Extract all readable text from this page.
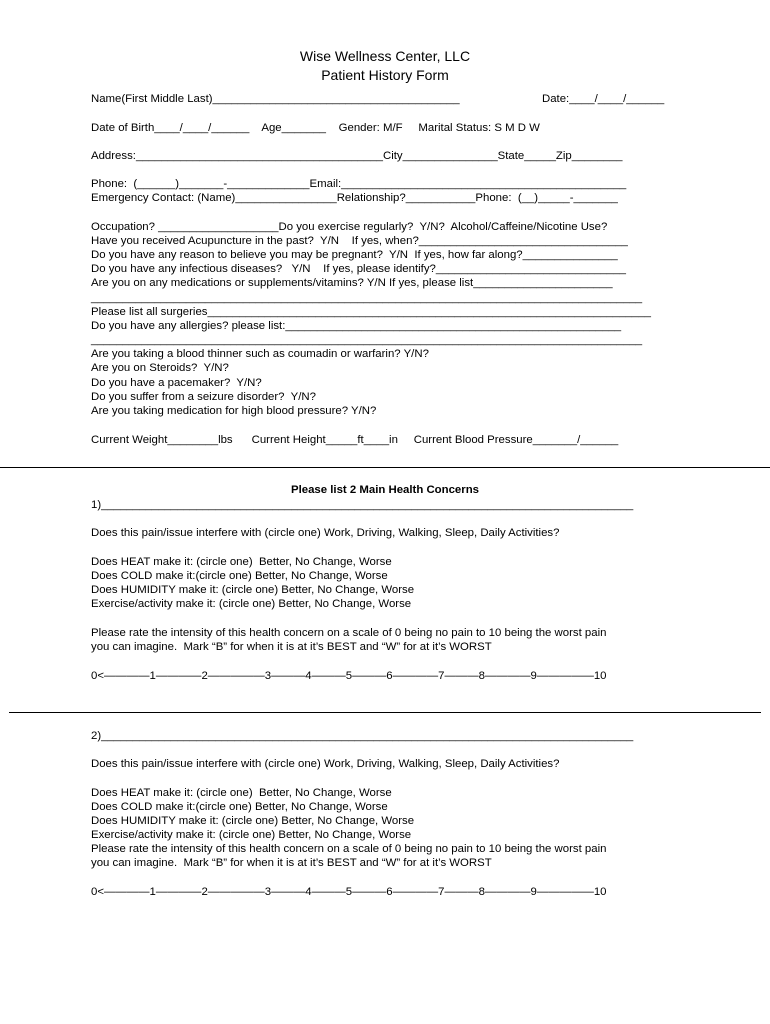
Wise Wellness Center, LLC
Patient History Form
Name(First Middle Last)_______________________________________	Date:____/____/______
Date of Birth____/____/______    Age_______    Gender: M/F     Marital Status: S M D W
Address:_______________________________________City_______________State_____Zip________
Phone:  (______)_______-_____________Email:_____________________________________________
Emergency Contact: (Name)________________Relationship?___________Phone:  (__)_____-_______
Occupation? ___________________Do you exercise regularly?  Y/N?  Alcohol/Caffeine/Nicotine Use?
Have you received Acupuncture in the past?  Y/N    If yes, when?_________________________________
Do you have any reason to believe you may be pregnant?  Y/N  If yes, how far along?_______________
Do you have any infectious diseases?   Y/N    If yes, please identify?______________________________
Are you on any medications or supplements/vitamins? Y/N If yes, please list______________________
_______________________________________________________________________________________
Please list all surgeries______________________________________________________________________
Do you have any allergies? please list:_____________________________________________________
_______________________________________________________________________________________
Are you taking a blood thinner such as coumadin or warfarin? Y/N?
Are you on Steroids?  Y/N?
Do you have a pacemaker?  Y/N?
Do you suffer from a seizure disorder?  Y/N?
Are you taking medication for high blood pressure? Y/N?
Current Weight________lbs      Current Height_____ft____in     Current Blood Pressure_______/______
Please list 2 Main Health Concerns
1)____________________________________________________________________________________
Does this pain/issue interfere with (circle one) Work, Driving, Walking, Sleep, Daily Activities?
Does HEAT make it: (circle one)  Better, No Change, Worse
Does COLD make it:(circle one) Better, No Change, Worse
Does HUMIDITY make it: (circle one) Better, No Change, Worse
Exercise/activity make it: (circle one) Better, No Change, Worse
Please rate the intensity of this health concern on a scale of 0 being no pain to 10 being the worst pain
you can imagine.  Mark “B” for when it is at it’s BEST and “W” for at it’s WORST
0<————1————2—————3———4———5———6————7———8————9—————10
2)____________________________________________________________________________________
Does this pain/issue interfere with (circle one) Work, Driving, Walking, Sleep, Daily Activities?
Does HEAT make it: (circle one)  Better, No Change, Worse
Does COLD make it:(circle one) Better, No Change, Worse
Does HUMIDITY make it: (circle one) Better, No Change, Worse
Exercise/activity make it: (circle one) Better, No Change, Worse
Please rate the intensity of this health concern on a scale of 0 being no pain to 10 being the worst pain
you can imagine.  Mark “B” for when it is at it’s BEST and “W” for at it’s WORST
0<————1————2—————3———4———5———6————7———8————9—————10
